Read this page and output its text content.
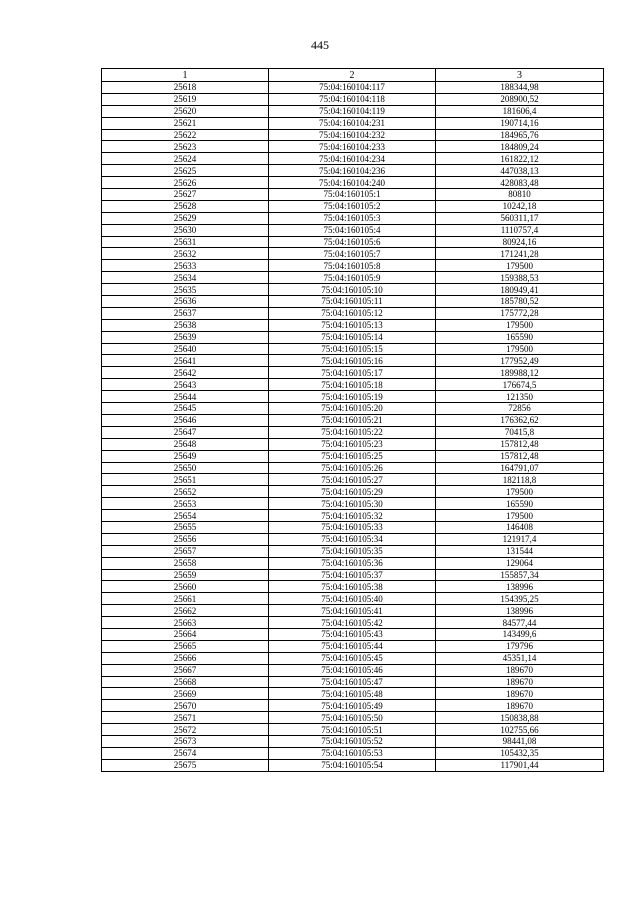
445
1	2	3
25618	75:04:160104:117	188344,98
25619	75:04:160104:118	208900,52
25620	75:04:160104:119	181606,4
25621	75:04:160104:231	190714,16
25622	75:04:160104:232	184965,76
25623	75:04:160104:233	184809,24
25624	75:04:160104:234	161822,12
25625	75:04:160104:236	447038,13
25626	75:04:160104:240	428083,48
25627	75:04:160105:1	80810
25628	75:04:160105:2	10242,18
25629	75:04:160105:3	560311,17
25630	75:04:160105:4	1110757,4
25631	75:04:160105:6	80924,16
25632	75:04:160105:7	171241,28
25633	75:04:160105:8	179500
25634	75:04:160105:9	159388,53
25635	75:04:160105:10	180949,41
25636	75:04:160105:11	185780,52
25637	75:04:160105:12	175772,28
25638	75:04:160105:13	179500
25639	75:04:160105:14	165590
25640	75:04:160105:15	179500
25641	75:04:160105:16	177952,49
25642	75:04:160105:17	189988,12
25643	75:04:160105:18	176674,5
25644	75:04:160105:19	121350
25645	75:04:160105:20	72856
25646	75:04:160105:21	176362,62
25647	75:04:160105:22	70415,8
25648	75:04:160105:23	157812,48
25649	75:04:160105:25	157812,48
25650	75:04:160105:26	164791,07
25651	75:04:160105:27	182118,8
25652	75:04:160105:29	179500
25653	75:04:160105:30	165590
25654	75:04:160105:32	179500
25655	75:04:160105:33	146408
25656	75:04:160105:34	121917,4
25657	75:04:160105:35	131544
25658	75:04:160105:36	129064
25659	75:04:160105:37	155857,34
25660	75:04:160105:38	138996
25661	75:04:160105:40	154395,25
25662	75:04:160105:41	138996
25663	75:04:160105:42	84577,44
25664	75:04:160105:43	143499,6
25665	75:04:160105:44	179796
25666	75:04:160105:45	45351,14
25667	75:04:160105:46	189670
25668	75:04:160105:47	189670
25669	75:04:160105:48	189670
25670	75:04:160105:49	189670
25671	75:04:160105:50	150838,88
25672	75:04:160105:51	102755,66
25673	75:04:160105:52	98441,08
25674	75:04:160105:53	105432,35
25675	75:04:160105:54	117901,44
